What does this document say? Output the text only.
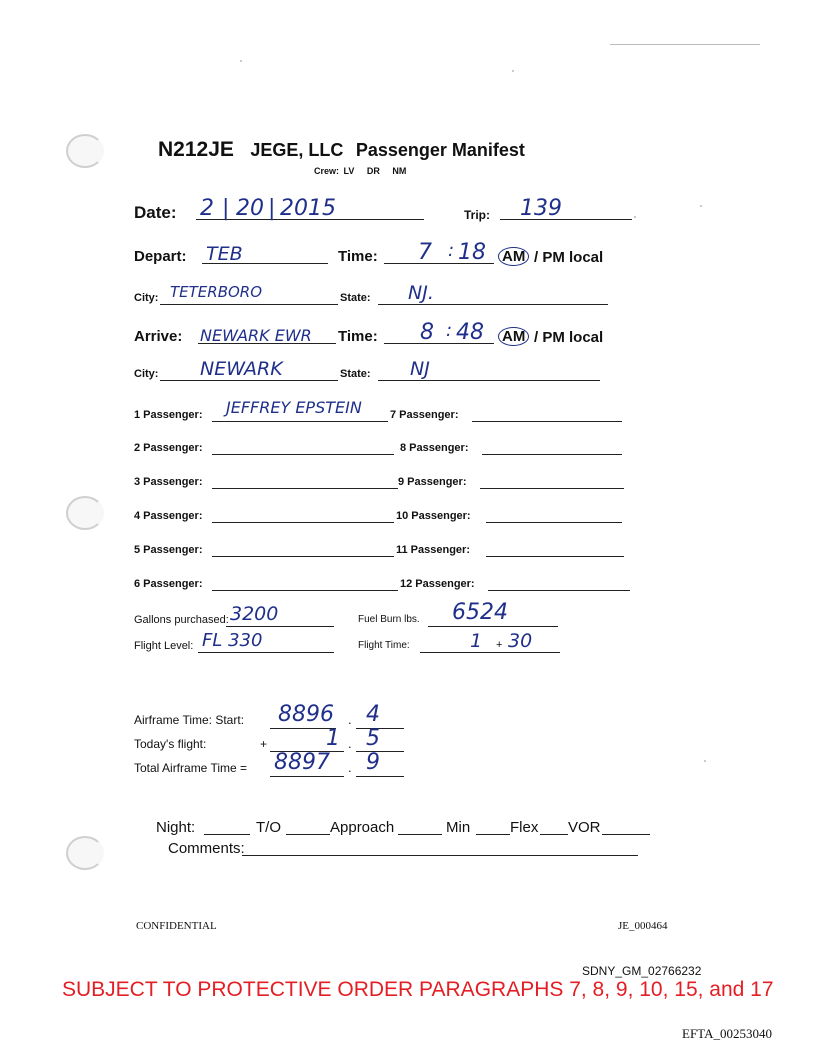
N212JE JEGE, LLC Passenger Manifest
Crew: LV DR NM
Date: 2 | 20 | 2015	Trip: 139
Depart: TEB	Time: 7 : 18 AM / PM local
City: TETERBORO	State: NJ.
Arrive: NEWARK EWR Time: 8 : 48 AM / PM local
City: NEWARK	State: NJ
1 Passenger: JEFFREY EPSTEIN	7 Passenger:
2 Passenger:	8 Passenger:
3 Passenger:	9 Passenger:
4 Passenger:	10 Passenger:
5 Passenger:	11 Passenger:
6 Passenger:	12 Passenger:
Gallons purchased: 3200	Fuel Burn lbs. 6524
Flight Level: FL 330	Flight Time:	1 + 30
Airframe Time: Start: 8896 . 4
Today's flight:	+	1 . 5
Total Airframe Time = 8897 . 9
Night:	T/O	Approach	Min	Flex VOR
Comments:
CONFIDENTIAL	JE_000464
SDNY_GM_02766232
SUBJECT TO PROTECTIVE ORDER PARAGRAPHS 7, 8, 9, 10, 15, and 17
EFTA_00253040
